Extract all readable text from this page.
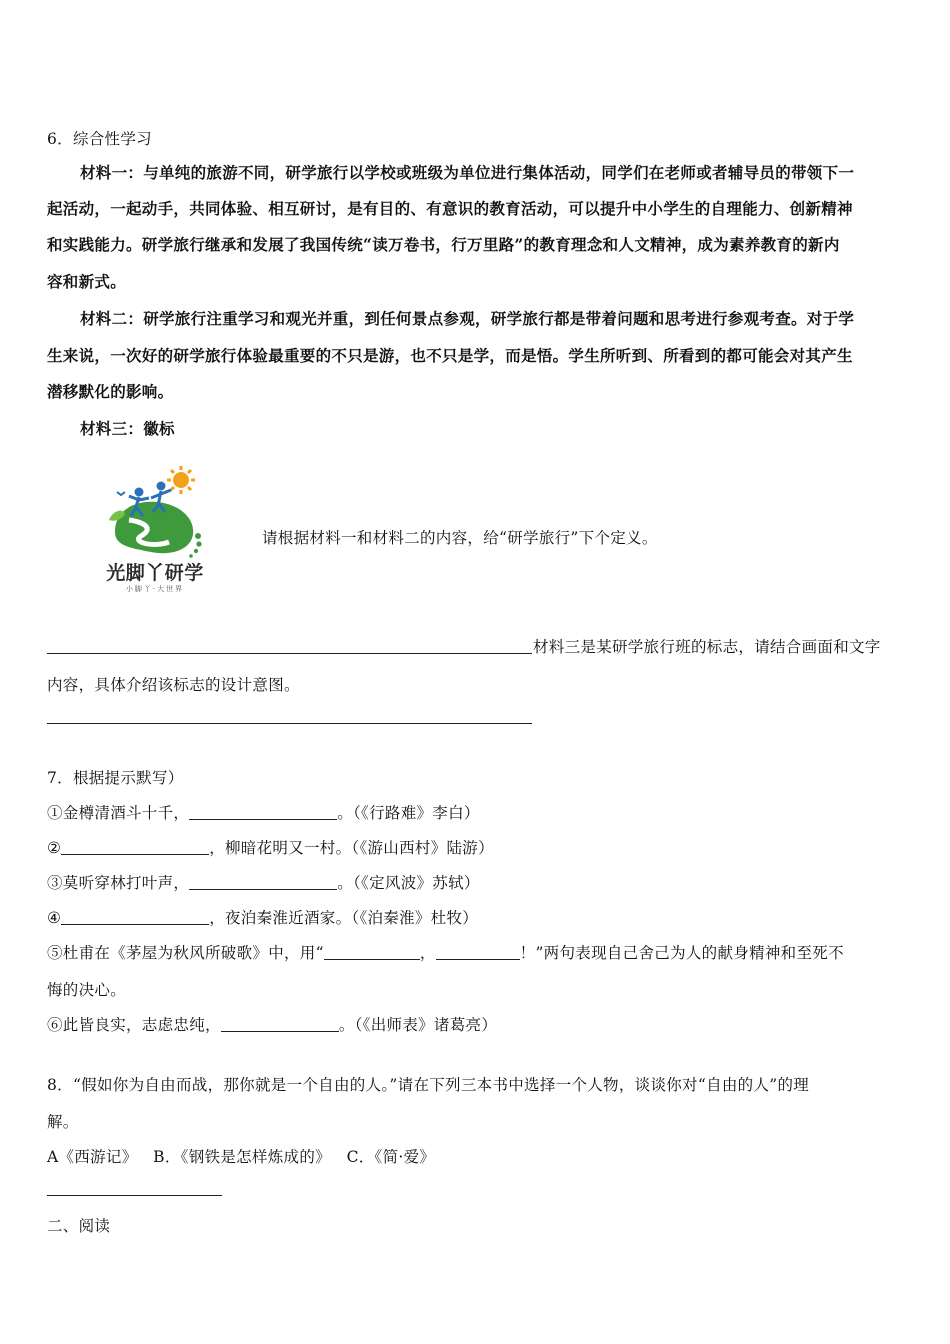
6．综合性学习
材料一：与单纯的旅游不同，研学旅行以学校或班级为单位进行集体活动，同学们在老师或者辅导员的带领下一
起活动，一起动手，共同体验、相互研讨，是有目的、有意识的教育活动，可以提升中小学生的自理能力、创新精神
和实践能力。研学旅行继承和发展了我国传统“读万卷书，行万里路”的教育理念和人文精神，成为素养教育的新内
容和新式。
材料二：研学旅行注重学习和观光并重，到任何景点参观，研学旅行都是带着问题和思考进行参观考查。对于学
生来说，一次好的研学旅行体验最重要的不只是游，也不只是学，而是悟。学生所听到、所看到的都可能会对其产生
潜移默化的影响。
材料三：徽标
光脚丫研学
小脚丫·大世界
请根据材料一和材料二的内容，给“研学旅行”下个定义。
材料三是某研学旅行班的标志，请结合画面和文字
内容，具体介绍该标志的设计意图。
7．根据提示默写）
①金樽清酒斗十千，	。（《行路难》李白）
②	，柳暗花明又一村。（《游山西村》陆游）
③莫听穿林打叶声，	。（《定风波》苏轼）
④	，夜泊秦淮近酒家。（《泊秦淮》杜牧）
⑤杜甫在《茅屋为秋风所破歌》中，用“	，	！”两句表现自己舍己为人的献身精神和至死不
悔的决心。
⑥此皆良实，志虑忠纯，	。（《出师表》诸葛亮）
8．“假如你为自由而战，那你就是一个自由的人。”请在下列三本书中选择一个人物，谈谈你对“自由的人”的理
解。
A《西游记》   B．《钢铁是怎样炼成的》   C．《简·爱》
二、阅读
